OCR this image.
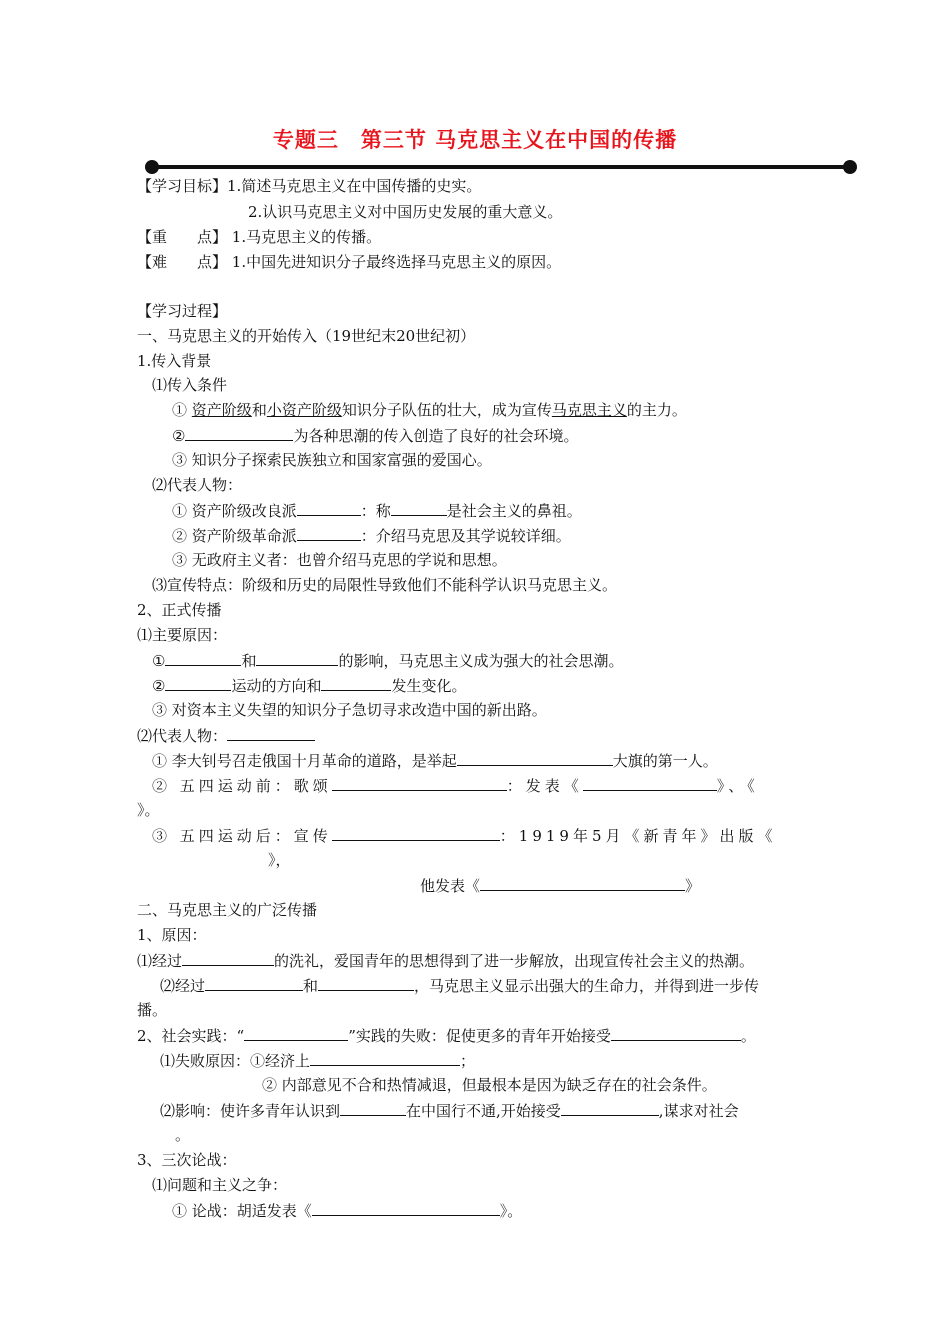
专题三　第三节 马克思主义在中国的传播
【学习目标】1.简述马克思主义在中国传播的史实。
2.认识马克思主义对中国历史发展的重大意义。
【重　　点】 1.马克思主义的传播。
【难　　点】 1.中国先进知识分子最终选择马克思主义的原因。
【学习过程】
一、马克思主义的开始传入（19世纪末20世纪初）
1.传入背景
⑴传入条件
① 资产阶级和小资产阶级知识分子队伍的壮大，成为宣传马克思主义的主力。
②	为各种思潮的传入创造了良好的社会环境。
③ 知识分子探索民族独立和国家富强的爱国心。
⑵代表人物：
① 资产阶级改良派	：称	是社会主义的鼻祖。
② 资产阶级革命派	：介绍马克思及其学说较详细。
③ 无政府主义者：也曾介绍马克思的学说和思想。
⑶宣传特点：阶级和历史的局限性导致他们不能科学认识马克思主义。
2、正式传播
⑴主要原因：
①	和	的影响，马克思主义成为强大的社会思潮。
②	运动的方向和	发生变化。
③ 对资本主义失望的知识分子急切寻求改造中国的新出路。
⑵代表人物：
① 李大钊号召走俄国十月革命的道路，是举起	大旗的第一人。
② 五四运动前：歌颂	：发表《	》、《
》。
③ 五四运动后：宣传	：1919年5月《新青年》出版《
》，
他发表《	》
二、马克思主义的广泛传播
1、原因：
⑴经过	的洗礼，爱国青年的思想得到了进一步解放，出现宣传社会主义的热潮。
⑵经过	和	，马克思主义显示出强大的生命力，并得到进一步传
播。
2、社会实践：“	”实践的失败：促使更多的青年开始接受	。
⑴失败原因：①经济上	；
② 内部意见不合和热情减退，但最根本是因为缺乏存在的社会条件。
⑵影响：使许多青年认识到	在中国行不通,开始接受	,谋求对社会
。
3、三次论战：
⑴问题和主义之争：
① 论战：胡适发表《	》。
